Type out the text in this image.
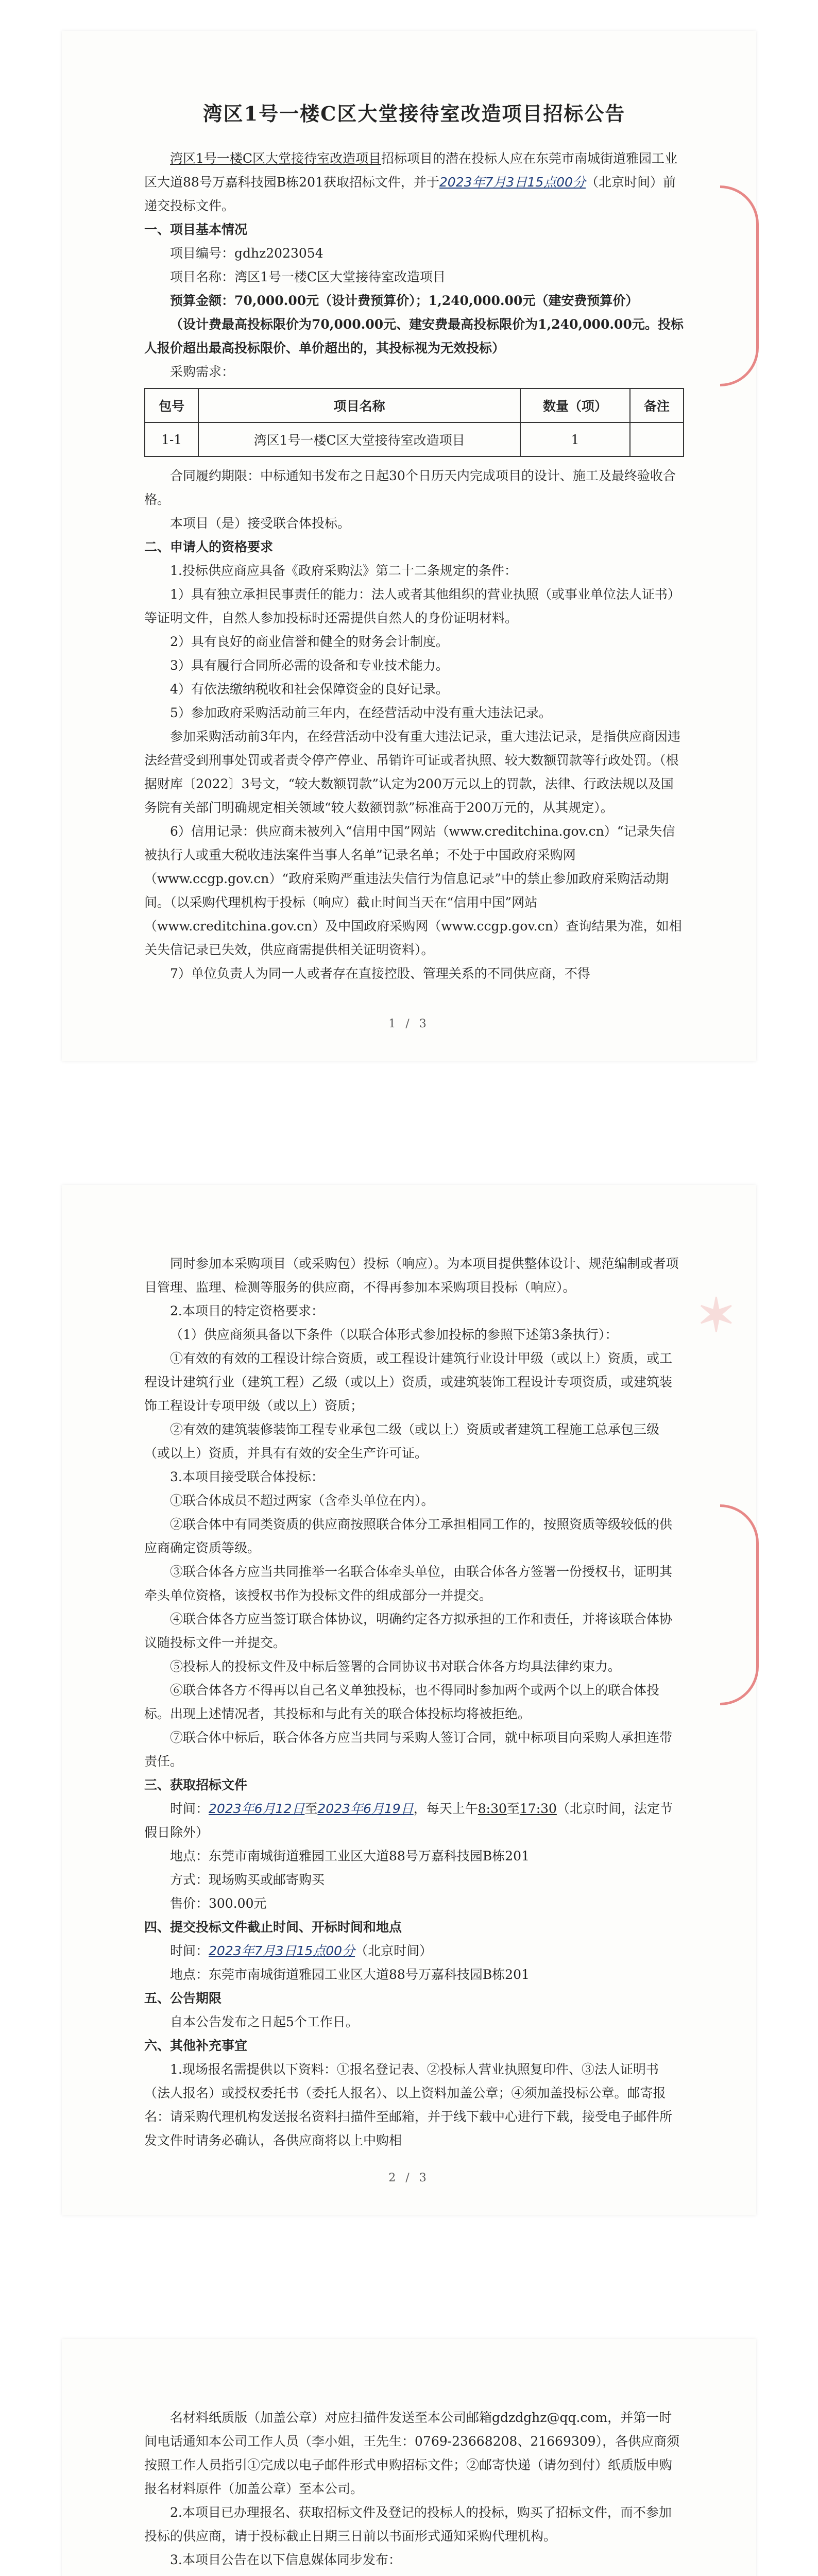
湾区1号一楼C区大堂接待室改造项目招标公告

湾区1号一楼C区大堂接待室改造项目招标项目的潜在投标人应在东莞市南城街道雅园工业区大道88号万嘉科技园B栋201获取招标文件，并于2023年7月3日15点00分（北京时间）前递交投标文件。

一、项目基本情况

项目编号：gdhz2023054

项目名称：湾区1号一楼C区大堂接待室改造项目

预算金额：70,000.00元（设计费预算价）；1,240,000.00元（建安费预算价）

（设计费最高投标限价为70,000.00元、建安费最高投标限价为1,240,000.00元。投标人报价超出最高投标限价、单价超出的，其投标视为无效投标）

采购需求：

包号	项目名称	数量（项）	备注
1-1	湾区1号一楼C区大堂接待室改造项目	1	

合同履约期限：中标通知书发布之日起30个日历天内完成项目的设计、施工及最终验收合格。

本项目（是）接受联合体投标。

二、申请人的资格要求

1.投标供应商应具备《政府采购法》第二十二条规定的条件：

1）具有独立承担民事责任的能力：法人或者其他组织的营业执照（或事业单位法人证书）等证明文件，自然人参加投标时还需提供自然人的身份证明材料。

2）具有良好的商业信誉和健全的财务会计制度。

3）具有履行合同所必需的设备和专业技术能力。

4）有依法缴纳税收和社会保障资金的良好记录。

5）参加政府采购活动前三年内，在经营活动中没有重大违法记录。

参加采购活动前3年内，在经营活动中没有重大违法记录，重大违法记录，是指供应商因违法经营受到刑事处罚或者责令停产停业、吊销许可证或者执照、较大数额罚款等行政处罚。（根据财库〔2022〕3号文，“较大数额罚款”认定为200万元以上的罚款，法律、行政法规以及国务院有关部门明确规定相关领域“较大数额罚款”标准高于200万元的，从其规定）。

6）信用记录：供应商未被列入“信用中国”网站（www.creditchina.gov.cn）“记录失信被执行人或重大税收违法案件当事人名单”记录名单；不处于中国政府采购网（www.ccgp.gov.cn）“政府采购严重违法失信行为信息记录”中的禁止参加政府采购活动期间。（以采购代理机构于投标（响应）截止时间当天在“信用中国”网站（www.creditchina.gov.cn）及中国政府采购网（www.ccgp.gov.cn）查询结果为准，如相关失信记录已失效，供应商需提供相关证明资料）。

7）单位负责人为同一人或者存在直接控股、管理关系的不同供应商，不得

1 / 3
✶

同时参加本采购项目（或采购包）投标（响应）。为本项目提供整体设计、规范编制或者项目管理、监理、检测等服务的供应商，不得再参加本采购项目投标（响应）。

2.本项目的特定资格要求：

（1）供应商须具备以下条件（以联合体形式参加投标的参照下述第3条执行）：

①有效的有效的工程设计综合资质，或工程设计建筑行业设计甲级（或以上）资质，或工程设计建筑行业（建筑工程）乙级（或以上）资质，或建筑装饰工程设计专项资质，或建筑装饰工程设计专项甲级（或以上）资质；

②有效的建筑装修装饰工程专业承包二级（或以上）资质或者建筑工程施工总承包三级（或以上）资质，并具有有效的安全生产许可证。

3.本项目接受联合体投标：

①联合体成员不超过两家（含牵头单位在内）。

②联合体中有同类资质的供应商按照联合体分工承担相同工作的，按照资质等级较低的供应商确定资质等级。

③联合体各方应当共同推举一名联合体牵头单位，由联合体各方签署一份授权书，证明其牵头单位资格，该授权书作为投标文件的组成部分一并提交。

④联合体各方应当签订联合体协议，明确约定各方拟承担的工作和责任，并将该联合体协议随投标文件一并提交。

⑤投标人的投标文件及中标后签署的合同协议书对联合体各方均具法律约束力。

⑥联合体各方不得再以自己名义单独投标，也不得同时参加两个或两个以上的联合体投标。出现上述情况者，其投标和与此有关的联合体投标均将被拒绝。

⑦联合体中标后，联合体各方应当共同与采购人签订合同，就中标项目向采购人承担连带责任。

三、获取招标文件

时间：2023年6月12日至2023年6月19日，每天上午8:30至17:30（北京时间，法定节假日除外）

地点：东莞市南城街道雅园工业区大道88号万嘉科技园B栋201

方式：现场购买或邮寄购买

售价：300.00元

四、提交投标文件截止时间、开标时间和地点

时间：2023年7月3日15点00分（北京时间）

地点：东莞市南城街道雅园工业区大道88号万嘉科技园B栋201

五、公告期限

自本公告发布之日起5个工作日。

六、其他补充事宜

1.现场报名需提供以下资料：①报名登记表、②投标人营业执照复印件、③法人证明书（法人报名）或授权委托书（委托人报名）、以上资料加盖公章；④须加盖投标公章。邮寄报名：请采购代理机构发送报名资料扫描件至邮箱，并于线下载中心进行下载，接受电子邮件所发文件时请务必确认，各供应商将以上中购相

2 / 3

名材料纸质版（加盖公章）对应扫描件发送至本公司邮箱gdzdghz@qq.com，并第一时间电话通知本公司工作人员（李小姐，王先生：0769-23668208、21669309），各供应商须按照工作人员指引①完成以电子邮件形式申购招标文件；②邮寄快递（请勿到付）纸质版申购报名材料原件（加盖公章）至本公司。

2.本项目已办理报名、获取招标文件及登记的投标人的投标，购买了招标文件，而不参加投标的供应商，请于投标截止日期三日前以书面形式通知采购代理机构。

3.本项目公告在以下信息媒体同步发布：
